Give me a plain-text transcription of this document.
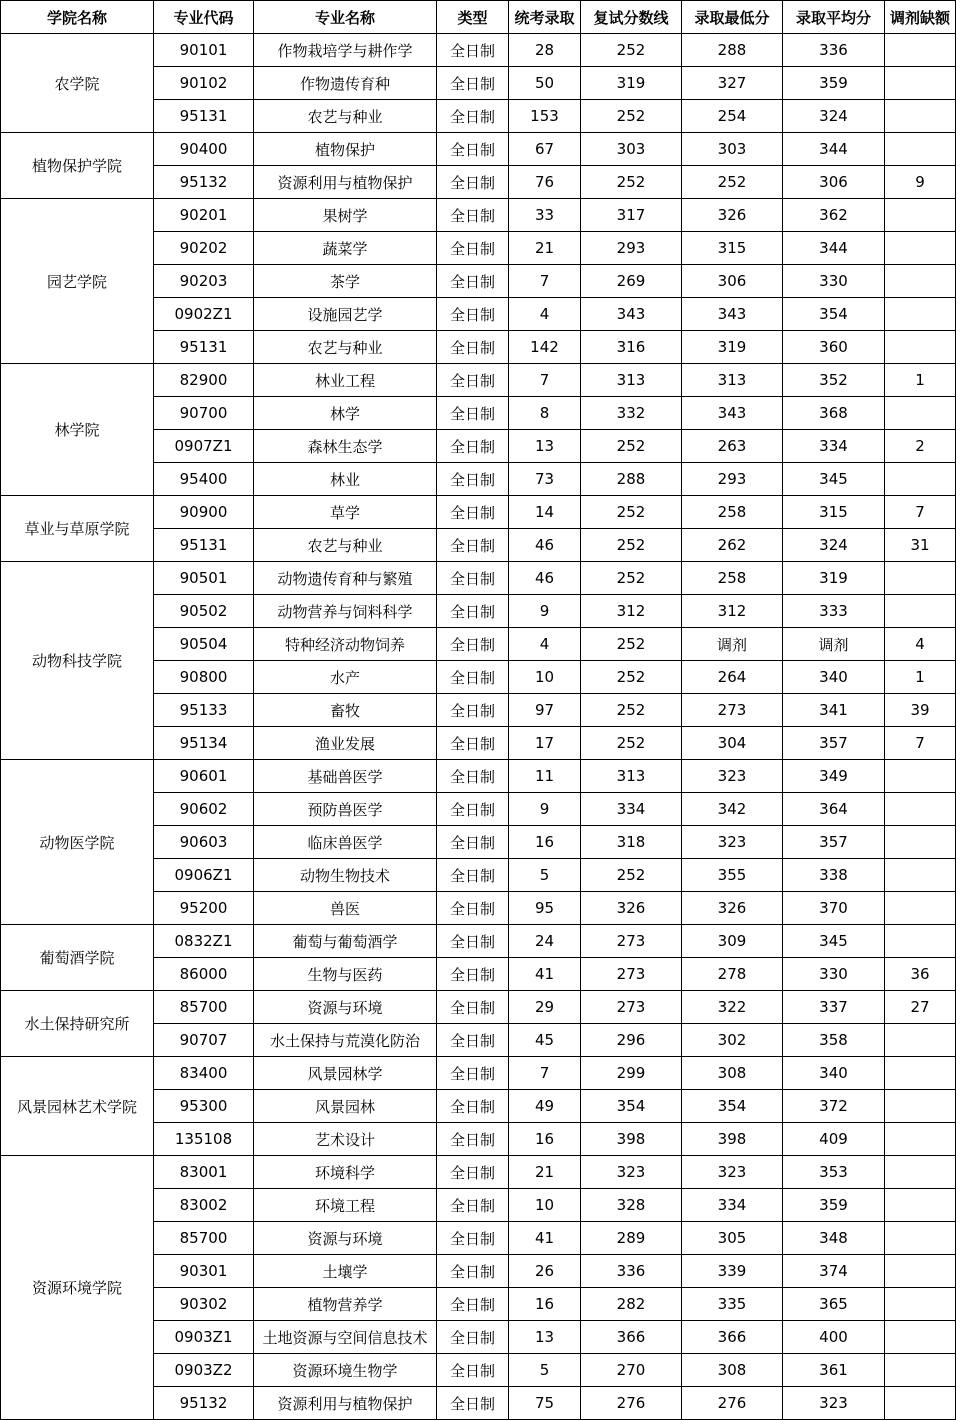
学院名称	专业代码	专业名称	类型	统考录取	复试分数线	录取最低分	录取平均分	调剂缺额
农学院	90101	作物栽培学与耕作学	全日制	28	252	288	336	
	90102	作物遗传育种	全日制	50	319	327	359	
	95131	农艺与种业	全日制	153	252	254	324	
植物保护学院	90400	植物保护	全日制	67	303	303	344	
	95132	资源利用与植物保护	全日制	76	252	252	306	9
园艺学院	90201	果树学	全日制	33	317	326	362	
	90202	蔬菜学	全日制	21	293	315	344	
	90203	茶学	全日制	7	269	306	330	
	0902Z1	设施园艺学	全日制	4	343	343	354	
	95131	农艺与种业	全日制	142	316	319	360	
林学院	82900	林业工程	全日制	7	313	313	352	1
	90700	林学	全日制	8	332	343	368	
	0907Z1	森林生态学	全日制	13	252	263	334	2
	95400	林业	全日制	73	288	293	345	
草业与草原学院	90900	草学	全日制	14	252	258	315	7
	95131	农艺与种业	全日制	46	252	262	324	31
动物科技学院	90501	动物遗传育种与繁殖	全日制	46	252	258	319	
	90502	动物营养与饲料科学	全日制	9	312	312	333	
	90504	特种经济动物饲养	全日制	4	252	调剂	调剂	4
	90800	水产	全日制	10	252	264	340	1
	95133	畜牧	全日制	97	252	273	341	39
	95134	渔业发展	全日制	17	252	304	357	7
动物医学院	90601	基础兽医学	全日制	11	313	323	349	
	90602	预防兽医学	全日制	9	334	342	364	
	90603	临床兽医学	全日制	16	318	323	357	
	0906Z1	动物生物技术	全日制	5	252	355	338	
	95200	兽医	全日制	95	326	326	370	
葡萄酒学院	0832Z1	葡萄与葡萄酒学	全日制	24	273	309	345	
	86000	生物与医药	全日制	41	273	278	330	36
水土保持研究所	85700	资源与环境	全日制	29	273	322	337	27
	90707	水土保持与荒漠化防治	全日制	45	296	302	358	
风景园林艺术学院	83400	风景园林学	全日制	7	299	308	340	
	95300	风景园林	全日制	49	354	354	372	
	135108	艺术设计	全日制	16	398	398	409	
资源环境学院	83001	环境科学	全日制	21	323	323	353	
	83002	环境工程	全日制	10	328	334	359	
	85700	资源与环境	全日制	41	289	305	348	
	90301	土壤学	全日制	26	336	339	374	
	90302	植物营养学	全日制	16	282	335	365	
	0903Z1	土地资源与空间信息技术	全日制	13	366	366	400	
	0903Z2	资源环境生物学	全日制	5	270	308	361	
	95132	资源利用与植物保护	全日制	75	276	276	323	
